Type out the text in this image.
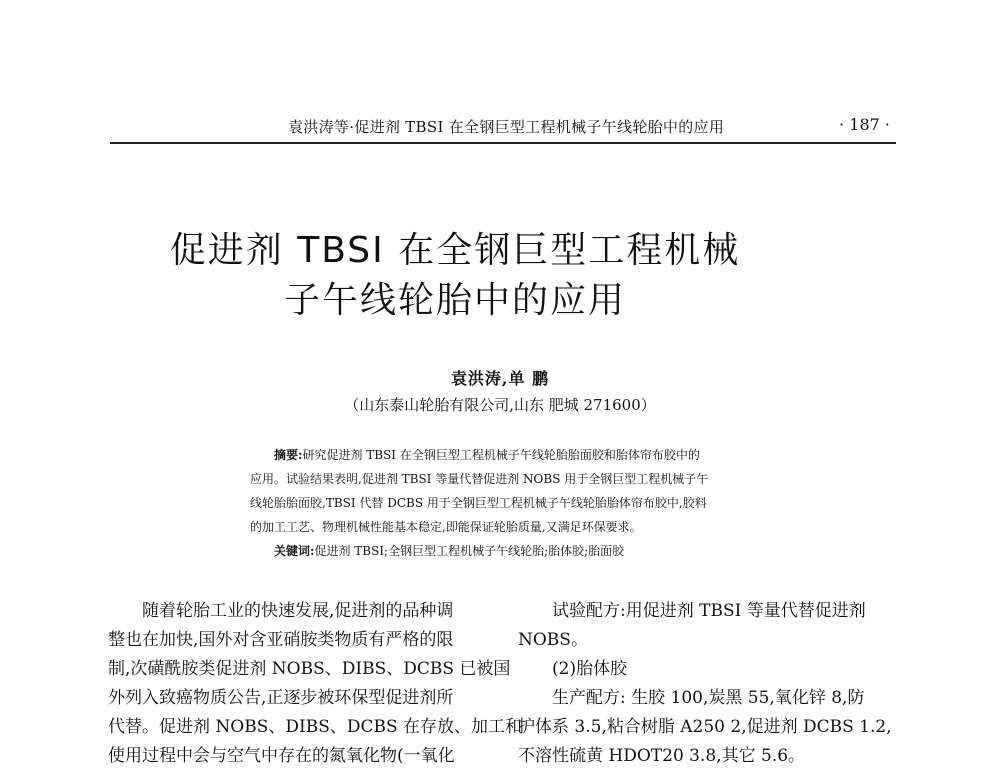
袁洪涛等·促进剂 TBSI 在全钢巨型工程机械子午线轮胎中的应用	· 187 ·
促进剂 TBSI 在全钢巨型工程机械
子午线轮胎中的应用
袁洪涛,单 鹏
（山东泰山轮胎有限公司,山东 肥城 271600）
摘要:研究促进剂 TBSI 在全钢巨型工程机械子午线轮胎胎面胶和胎体帘布胶中的
应用。试验结果表明,促进剂 TBSI 等量代替促进剂 NOBS 用于全钢巨型工程机械子午
线轮胎胎面胶,TBSI 代替 DCBS 用于全钢巨型工程机械子午线轮胎胎体帘布胶中,胶料
的加工工艺、物理机械性能基本稳定,即能保证轮胎质量,又满足环保要求。
关键词:促进剂 TBSI;全钢巨型工程机械子午线轮胎;胎体胶;胎面胶
随着轮胎工业的快速发展,促进剂的品种调
整也在加快,国外对含亚硝胺类物质有严格的限
制,次磺酰胺类促进剂 NOBS、DIBS、DCBS 已被国
外列入致癌物质公告,正逐步被环保型促进剂所
代替。促进剂 NOBS、DIBS、DCBS 在存放、加工和
使用过程中会与空气中存在的氮氧化物(一氧化
试验配方:用促进剂 TBSI 等量代替促进剂
NOBS。
(2)胎体胶
生产配方: 生胶 100,炭黑 55,氧化锌 8,防
护体系 3.5,粘合树脂 A250 2,促进剂 DCBS 1.2,
不溶性硫黄 HDOT20 3.8,其它 5.6。
